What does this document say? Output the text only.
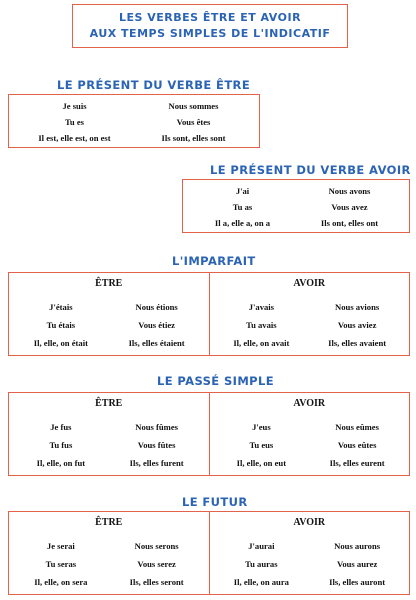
LES VERBES ÊTRE ET AVOIR
AUX TEMPS SIMPLES DE L'INDICATIF
LE PRÉSENT DU VERBE ÊTRE
Je suis	Nous sommes
Tu es	Vous êtes
Il est, elle est, on est	Ils sont, elles sont
LE PRÉSENT DU VERBE AVOIR
J'ai	Nous avons
Tu as	Vous avez
Il a, elle a, on a	Ils ont, elles ont
L'IMPARFAIT
ÊTRE
J'étais	Nous étions
Tu étais	Vous étiez
Il, elle, on était	Ils, elles étaient
AVOIR
J'avais	Nous avions
Tu avais	Vous aviez
Il, elle, on avait	Ils, elles avaient
LE PASSÉ SIMPLE
ÊTRE
Je fus	Nous fûmes
Tu fus	Vous fûtes
Il, elle, on fut	Ils, elles furent
AVOIR
J'eus	Nous eûmes
Tu eus	Vous eûtes
Il, elle, on eut	Ils, elles eurent
LE FUTUR
ÊTRE
Je serai	Nous serons
Tu seras	Vous serez
Il, elle, on sera	Ils, elles seront
AVOIR
J'aurai	Nous aurons
Tu auras	Vous aurez
Il, elle, on aura	Ils, elles auront
